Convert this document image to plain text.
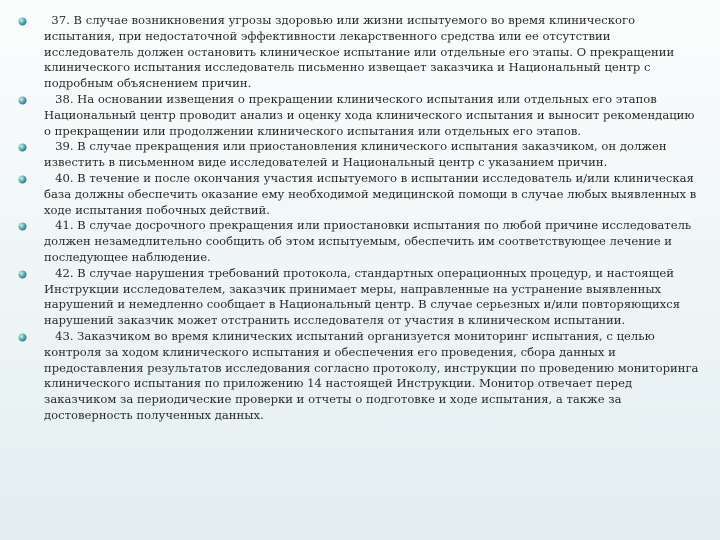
37. В случае возникновения угрозы здоровью или жизни испытуемого во время клинического испытания, при недостаточной эффективности лекарственного средства или ее отсутствии исследователь должен остановить клиническое испытание или отдельные его этапы. О прекращении клинического испытания исследователь письменно извещает заказчика и Национальный центр с подробным объяснением причин.
38. На основании извещения о прекращении клинического испытания или отдельных его этапов Национальный центр проводит анализ и оценку хода клинического испытания и выносит рекомендацию о прекращении или продолжении клинического испытания или отдельных его этапов.
39. В случае прекращения или приостановления клинического испытания заказчиком, он должен известить в письменном виде исследователей и Национальный центр с указанием причин.
40. В течение и после окончания участия испытуемого в испытании исследователь и/или клиническая база должны обеспечить оказание ему необходимой медицинской помощи в случае любых выявленных в ходе испытания побочных действий.
41. В случае досрочного прекращения или приостановки испытания по любой причине исследователь должен незамедлительно сообщить об этом испытуемым, обеспечить им соответствующее лечение и последующее наблюдение.
42. В случае нарушения требований протокола, стандартных операционных процедур, и настоящей Инструкции исследователем, заказчик принимает меры, направленные на устранение выявленных нарушений и немедленно сообщает в Национальный центр. В случае серьезных и/или повторяющихся нарушений заказчик может отстранить исследователя от участия в клиническом испытании.
43. Заказчиком во время клинических испытаний организуется мониторинг испытания, с целью контроля за ходом клинического испытания и обеспечения его проведения, сбора данных и предоставления результатов исследования согласно протоколу, инструкции по проведению мониторинга клинического испытания по приложению 14 настоящей Инструкции. Монитор отвечает перед заказчиком за периодические проверки и отчеты о подготовке и ходе испытания, а также за достоверность полученных данных.
